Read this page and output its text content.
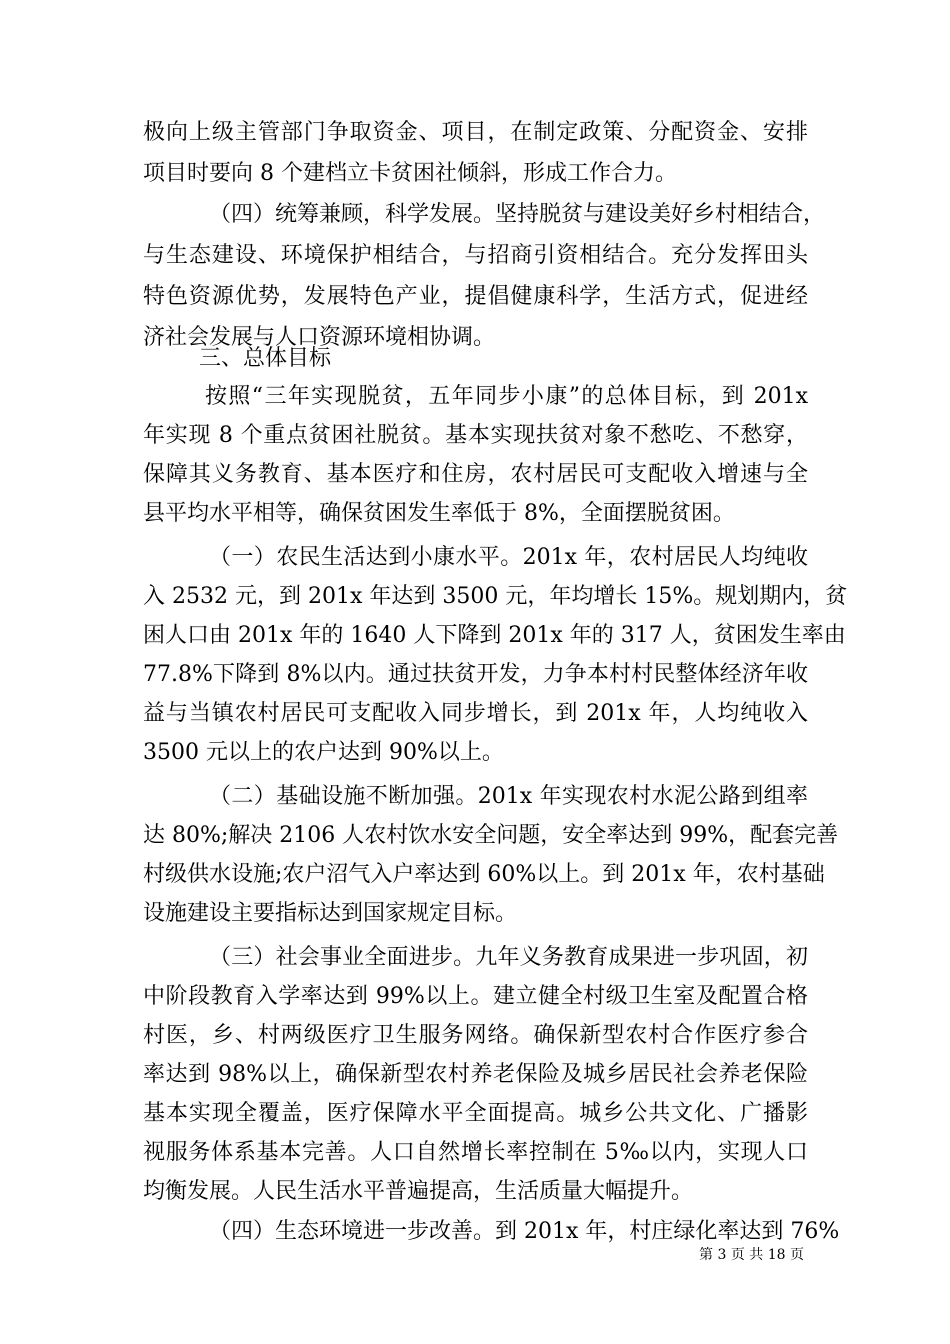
极向上级主管部门争取资金、项目，在制定政策、分配资金、安排
项目时要向 8 个建档立卡贫困社倾斜，形成工作合力。
（四）统筹兼顾，科学发展。坚持脱贫与建设美好乡村相结合，
与生态建设、环境保护相结合，与招商引资相结合。充分发挥田头
特色资源优势，发展特色产业，提倡健康科学，生活方式，促进经
济社会发展与人口资源环境相协调。
三、总体目标
按照“三年实现脱贫，五年同步小康”的总体目标，到 201x
年实现 8 个重点贫困社脱贫。基本实现扶贫对象不愁吃、不愁穿，
保障其义务教育、基本医疗和住房，农村居民可支配收入增速与全
县平均水平相等，确保贫困发生率低于 8%，全面摆脱贫困。
（一）农民生活达到小康水平。201x 年，农村居民人均纯收
入 2532 元，到 201x 年达到 3500 元，年均增长 15%。规划期内，贫
困人口由 201x 年的 1640 人下降到 201x 年的 317 人，贫困发生率由
77.8%下降到 8%以内。通过扶贫开发，力争本村村民整体经济年收
益与当镇农村居民可支配收入同步增长，到 201x 年，人均纯收入
3500 元以上的农户达到 90%以上。
（二）基础设施不断加强。201x 年实现农村水泥公路到组率
达 80%;解决 2106 人农村饮水安全问题，安全率达到 99%，配套完善
村级供水设施;农户沼气入户率达到 60%以上。到 201x 年，农村基础
设施建设主要指标达到国家规定目标。
（三）社会事业全面进步。九年义务教育成果进一步巩固，初
中阶段教育入学率达到 99%以上。建立健全村级卫生室及配置合格
村医，乡、村两级医疗卫生服务网络。确保新型农村合作医疗参合
率达到 98%以上，确保新型农村养老保险及城乡居民社会养老保险
基本实现全覆盖，医疗保障水平全面提高。城乡公共文化、广播影
视服务体系基本完善。人口自然增长率控制在 5‰以内，实现人口
均衡发展。人民生活水平普遍提高，生活质量大幅提升。
（四）生态环境进一步改善。到 201x 年，村庄绿化率达到 76%
第 3 页 共 18 页
